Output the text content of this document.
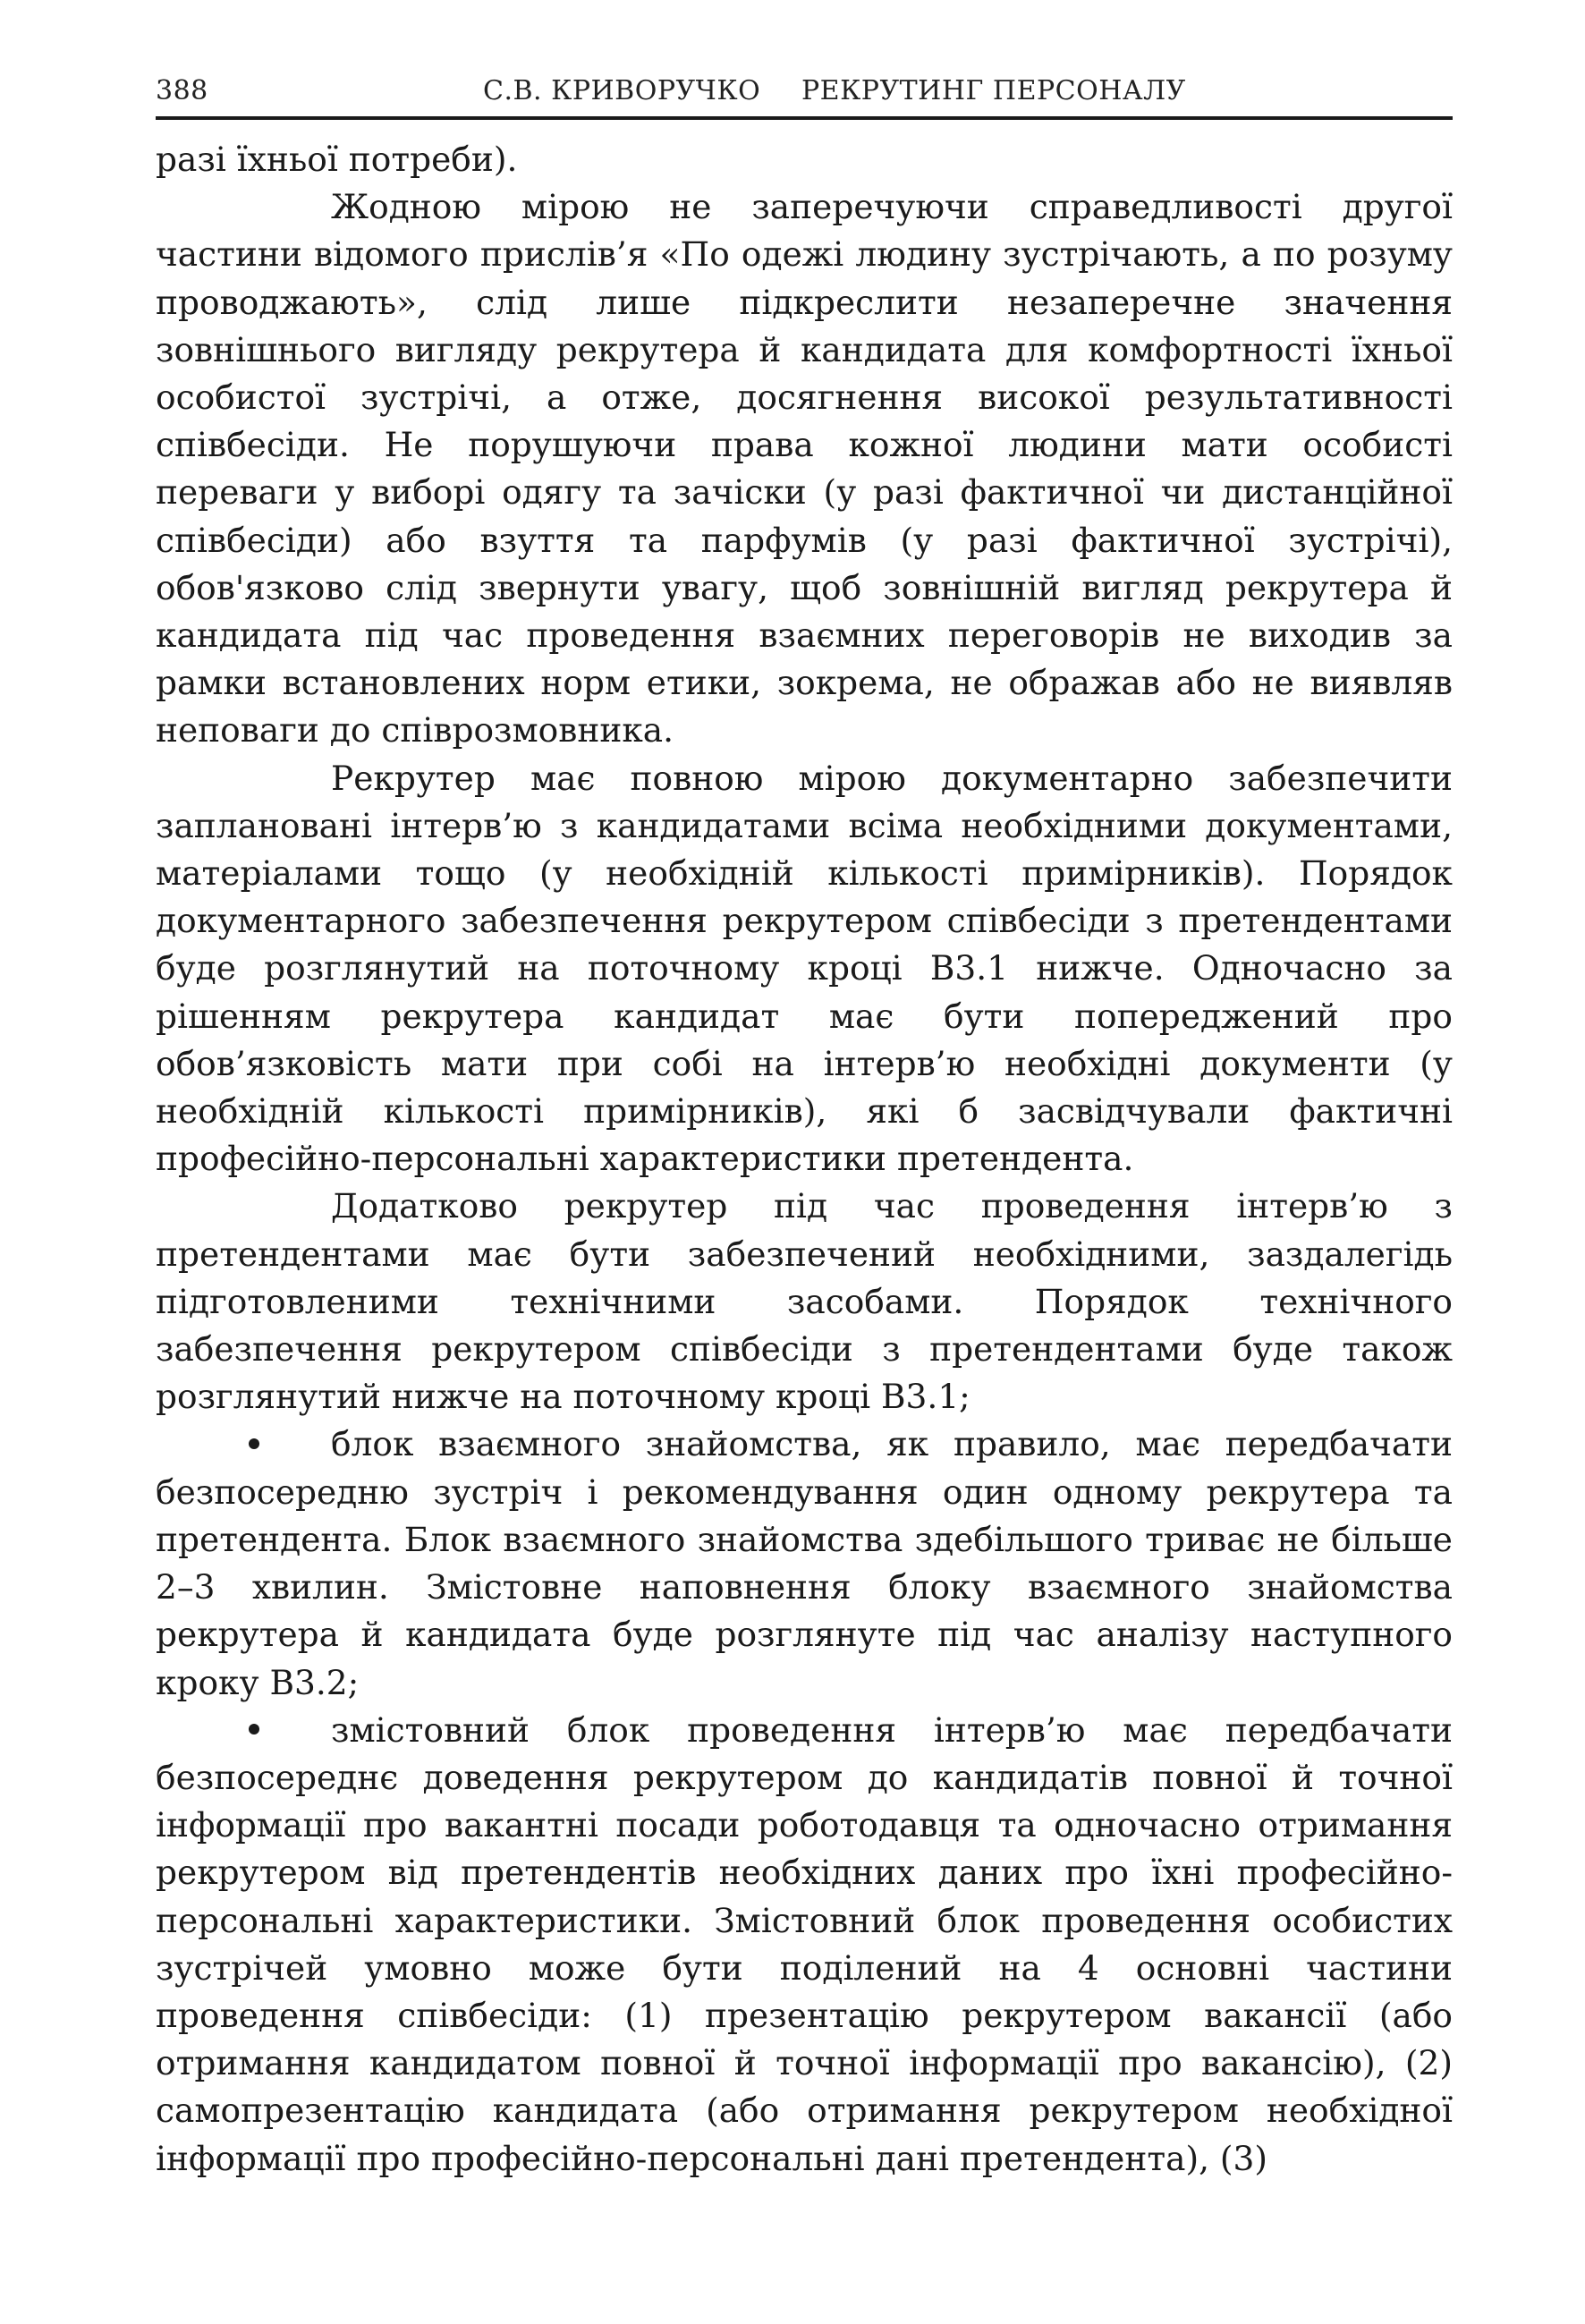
388	С.В. КРИВОРУЧКО РЕКРУТИНГ ПЕРСОНАЛУ

разі їхньої потреби).

Жодною мірою не заперечуючи справедливості другої частини відомого прислів’я «По одежі людину зустрічають, а по розуму проводжають», слід лише підкреслити незаперечне значення зовнішнього вигляду рекрутера й кандидата для комфортності їхньої особистої зустрічі, а отже, досягнення високої результативності співбесіди. Не порушуючи права кожної людини мати особисті переваги у виборі одягу та зачіски (у разі фактичної чи дистанційної співбесіди) або взуття та парфумів (у разі фактичної зустрічі), обов'язково слід звернути увагу, щоб зовнішній вигляд рекрутера й кандидата під час проведення взаємних переговорів не виходив за рамки встановлених норм етики, зокрема, не ображав або не виявляв неповаги до співрозмовника.

Рекрутер має повною мірою документарно забезпечити заплановані інтерв’ю з кандидатами всіма необхідними документами, матеріалами тощо (у необхідній кількості примірників). Порядок документарного забезпечення рекрутером співбесіди з претендентами буде розглянутий на поточному кроці В3.1 нижче. Одночасно за рішенням рекрутера кандидат має бути попереджений про обов’язковість мати при собі на інтерв’ю необхідні документи (у необхідній кількості примірників), які б засвідчували фактичні професійно-персональні характеристики претендента.

Додатково рекрутер під час проведення інтерв’ю з претендентами має бути забезпечений необхідними, заздалегідь підготовленими технічними засобами. Порядок технічного забезпечення рекрутером співбесіди з претендентами буде також розглянутий нижче на поточному кроці В3.1;

блок взаємного знайомства, як правило, має передбачати безпосередню зустріч і рекомендування один одному рекрутера та претендента. Блок взаємного знайомства здебільшого триває не більше 2–3 хвилин. Змістовне наповнення блоку взаємного знайомства рекрутера й кандидата буде розглянуте під час аналізу наступного кроку В3.2;

змістовний блок проведення інтерв’ю має передбачати безпосереднє доведення рекрутером до кандидатів повної й точної інформації про вакантні посади роботодавця та одночасно отримання рекрутером від претендентів необхідних даних про їхні професійно-персональні характеристики. Змістовний блок проведення особистих зустрічей умовно може бути поділений на 4 основні частини проведення співбесіди: (1) презентацію рекрутером вакансії (або отримання кандидатом повної й точної інформації про вакансію), (2) самопрезентацію кандидата (або отримання рекрутером необхідної інформації про професійно-персональні дані претендента), (3)
